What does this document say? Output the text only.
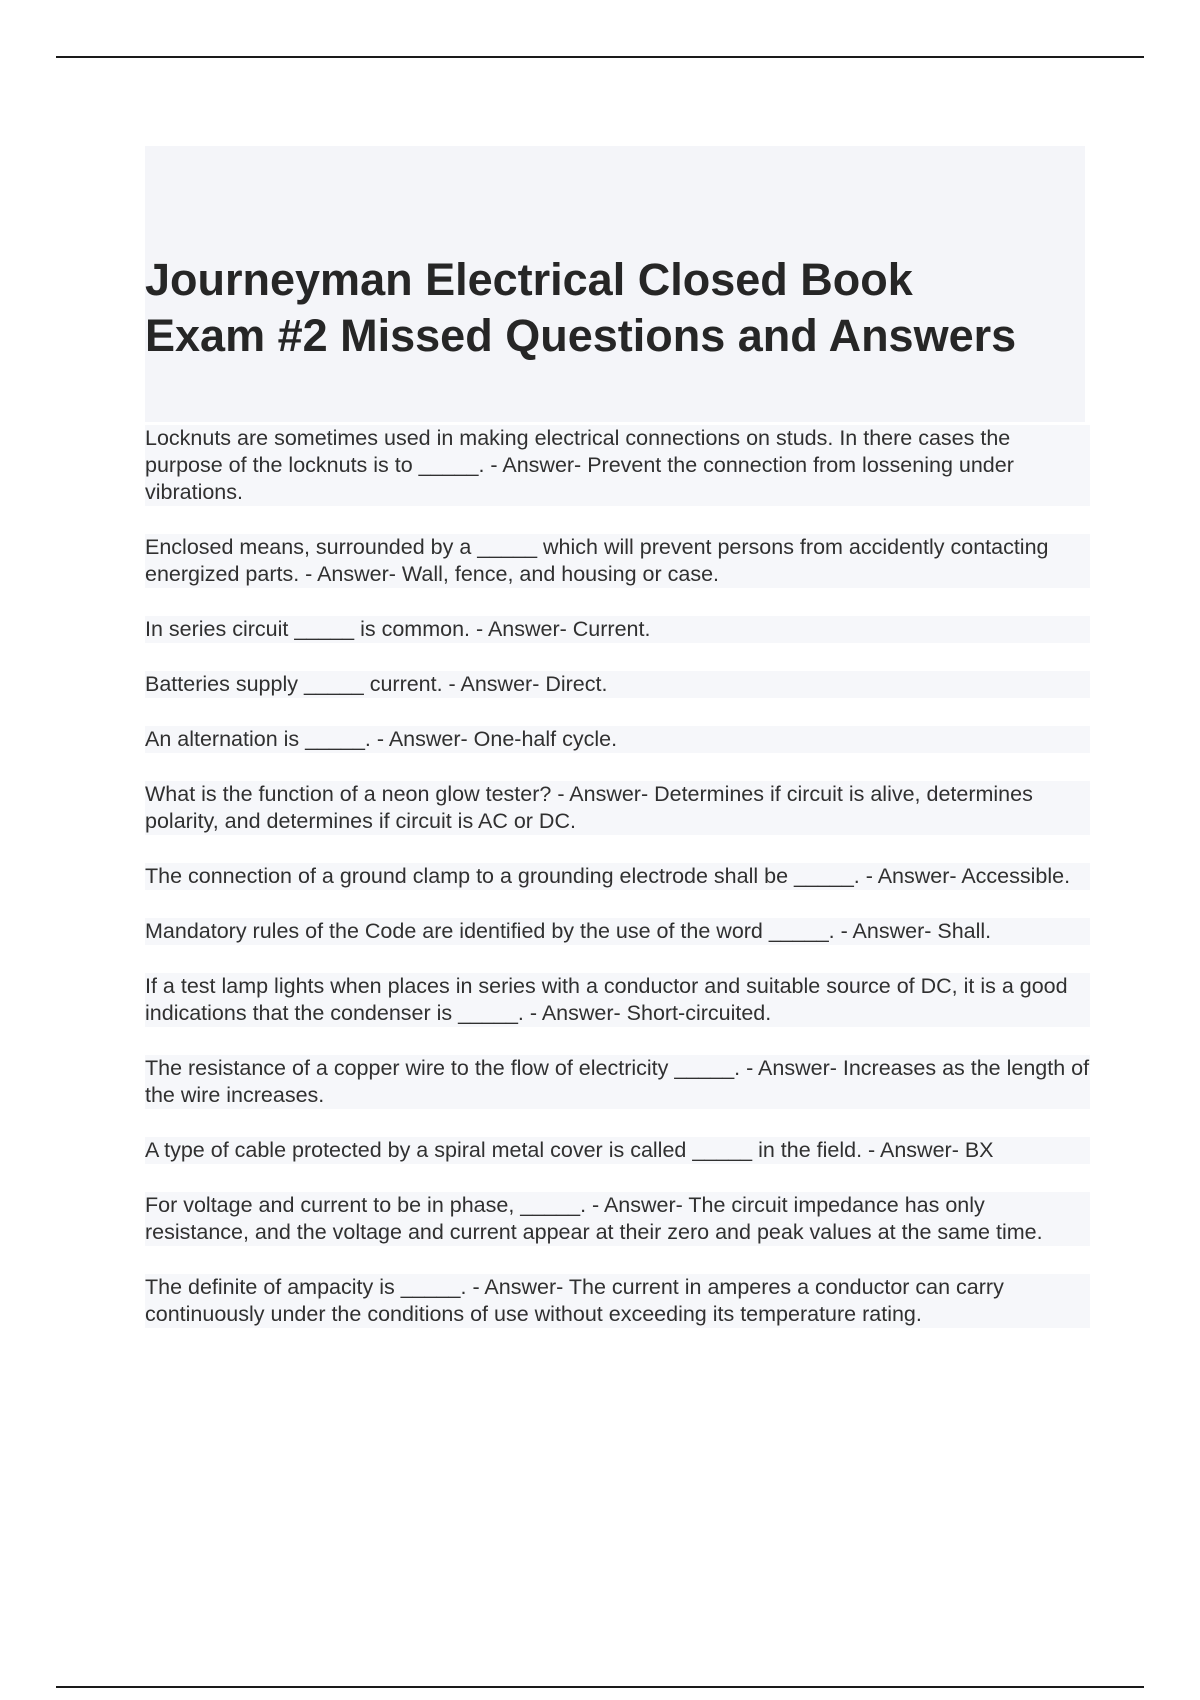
Journeyman Electrical Closed Book
Exam #2 Missed Questions and Answers

Locknuts are sometimes used in making electrical connections on studs. In there cases the purpose of the locknuts is to _____. - Answer- Prevent the connection from lossening under vibrations.

Enclosed means, surrounded by a _____ which will prevent persons from accidently contacting energized parts. - Answer- Wall, fence, and housing or case.

In series circuit _____ is common. - Answer- Current.

Batteries supply _____ current. - Answer- Direct.

An alternation is _____. - Answer- One-half cycle.

What is the function of a neon glow tester? - Answer- Determines if circuit is alive, determines polarity, and determines if circuit is AC or DC.

The connection of a ground clamp to a grounding electrode shall be _____. - Answer- Accessible.

Mandatory rules of the Code are identified by the use of the word _____. - Answer- Shall.

If a test lamp lights when places in series with a conductor and suitable source of DC, it is a good indications that the condenser is _____. - Answer- Short-circuited.

The resistance of a copper wire to the flow of electricity _____. - Answer- Increases as the length of the wire increases.

A type of cable protected by a spiral metal cover is called _____ in the field. - Answer- BX

For voltage and current to be in phase, _____. - Answer- The circuit impedance has only resistance, and the voltage and current appear at their zero and peak values at the same time.

The definite of ampacity is _____. - Answer- The current in amperes a conductor can carry continuously under the conditions of use without exceeding its temperature rating.
